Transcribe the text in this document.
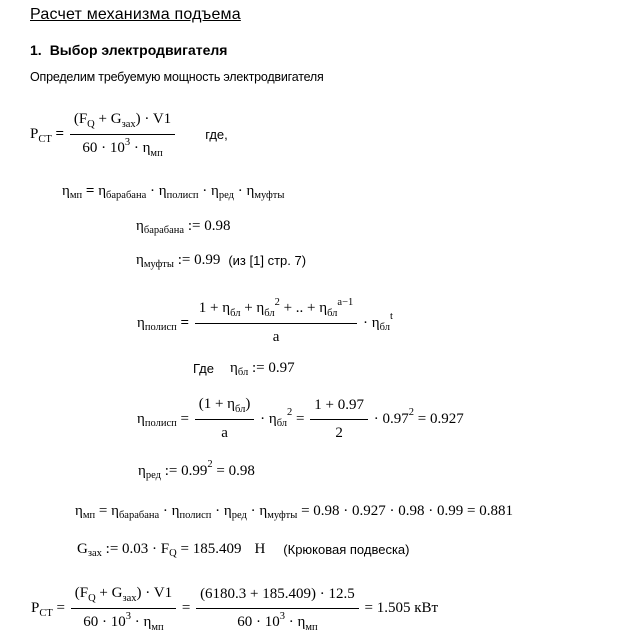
Расчет механизма подъема
1. Выбор электродвигателя
Определим требуемую мощность электродвигателя
$P_{СТ} = \frac{(F_Q + G_{зах}) \cdot V1}{60 \cdot 10^3 \cdot \eta_{мп}}$ где,
η мп = η барабана · η полисп · η ред · η муфты
η барабана := 0.98
η муфты := 0.99 (из [1] стр. 7)
η полисп = $\frac{1 + \eta_{бл} + \eta_{бл}^2 + .. + \eta_{бл}^{a-1}}{a} \cdot \eta$ бл
t
Где η бл := 0.97
η полисп = $\frac{(1 + \eta_{бл})}{a} \cdot \eta$ бл
$2 = \frac{1 + 0.97}{2} \cdot 0.97$ 2 = 0.927
η ред := 0.99 2 = 0.98
η мп = η барабана · η полисп · η ред · η муфты = 0.98 · 0.927 · 0.98 · 0.99 = 0.881
G зах := 0.03 · F Q = 185.409 Н (Крюковая подвеска)
$P_{СТ} = \frac{(F_Q + G_{зах}) \cdot V1}{60 \cdot 10^3 \cdot \eta_{мп}} = \frac{(6180.3 + 185.409) \cdot 12.5}{60 \cdot 10^3 \cdot \eta_{мп}} = 1.505$ кВт
